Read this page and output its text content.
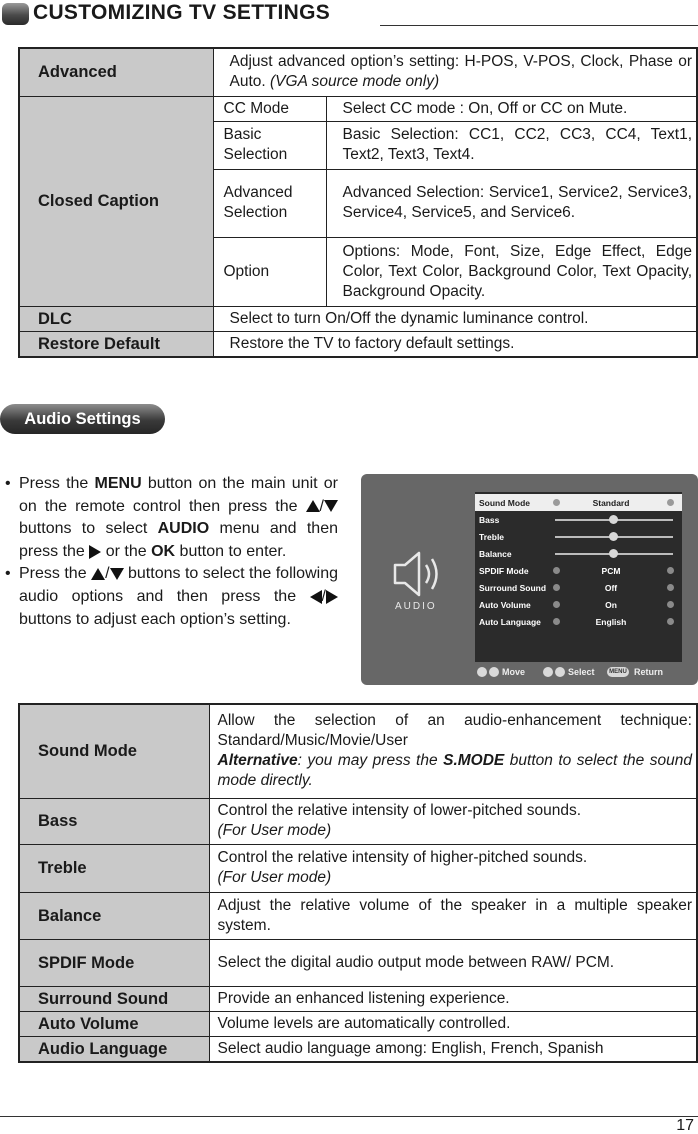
CUSTOMIZING TV SETTINGS
Advanced	Adjust advanced option’s setting: H-POS, V-POS, Clock, Phase or Auto. (VGA source mode only)	
Closed Caption	CC Mode	Select CC mode : On, Off or CC on Mute.
	Basic Selection	Basic Selection: CC1, CC2, CC3, CC4, Text1, Text2, Text3, Text4.
	Advanced Selection	Advanced Selection: Service1, Service2, Service3, Service4, Service5, and Service6.
	Option	Options: Mode, Font, Size, Edge Effect, Edge Color, Text Color, Background Color, Text Opacity, Background Opacity.
DLC	Select to turn On/Off the dynamic luminance control.	
Restore Default	Restore the TV to factory default settings.	
Audio Settings
• Press the MENU button on the main unit or on the remote control then press the / buttons to select AUDIO menu and then press the or the OK button to enter.
• Press the / buttons to select the following audio options and then press the / buttons to adjust each option’s setting.
AUDIO
Sound Mode	Standard
Bass
Treble
Balance
SPDIF Mode	PCM
Surround Sound	Off
Auto Volume	On
Auto Language	English
Move	Select	MENU Return
Sound Mode	Allow the selection of an audio-enhancement technique: Standard/Music/Movie/User
Alternative: you may press the S.MODE button to select the sound mode directly.
Bass	Control the relative intensity of lower-pitched sounds.
(For User mode)
Treble	Control the relative intensity of higher-pitched sounds.
(For User mode)
Balance	Adjust the relative volume of the speaker in a multiple speaker system.
SPDIF Mode	Select the digital audio output mode between RAW/ PCM.
Surround Sound	Provide an enhanced listening experience.
Auto Volume	Volume levels are automatically controlled.
Audio Language	Select audio language among: English, French, Spanish
17
